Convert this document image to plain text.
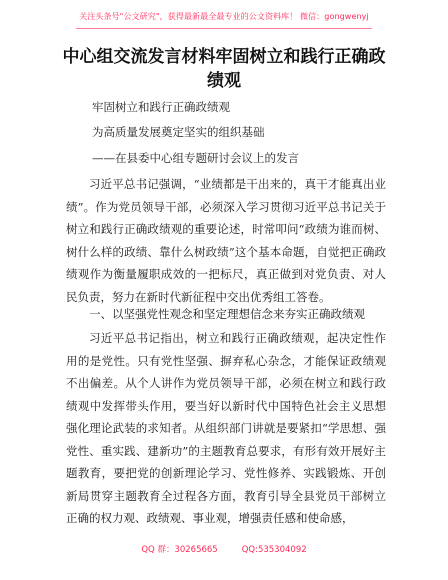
关注头条号"公文研究"，获得最新最全最专业的公文资料库！ 微信：gongwenyj
中心组交流发言材料牢固树立和践行正确政绩观
牢固树立和践行正确政绩观
为高质量发展奠定坚实的组织基础
——在县委中心组专题研讨会议上的发言
习近平总书记强调，“业绩都是干出来的，真干才能真出业绩”。作为党员领导干部，必须深入学习贯彻习近平总书记关于树立和践行正确政绩观的重要论述，时常叩问“政绩为谁而树、树什么样的政绩、靠什么树政绩”这个基本命题，自觉把正确政绩观作为衡量履职成效的一把标尺，真正做到对党负责、对人民负责，努力在新时代新征程中交出优秀组工答卷。
一、以坚强党性观念和坚定理想信念来夯实正确政绩观
习近平总书记指出，树立和践行正确政绩观，起决定性作用的是党性。只有党性坚强、摒弃私心杂念，才能保证政绩观不出偏差。从个人讲作为党员领导干部，必须在树立和践行政绩观中发挥带头作用，要当好以新时代中国特色社会主义思想强化理论武装的求知者。从组织部门讲就是要紧扣“学思想、强党性、重实践、建新功”的主题教育总要求，有形有效开展好主题教育，要把党的创新理论学习、党性修养、实践锻炼、开创新局贯穿主题教育全过程各方面，教育引导全县党员干部树立正确的权力观、政绩观、事业观，增强责任感和使命感，
QQ 群：30265665	QQ:535304092
